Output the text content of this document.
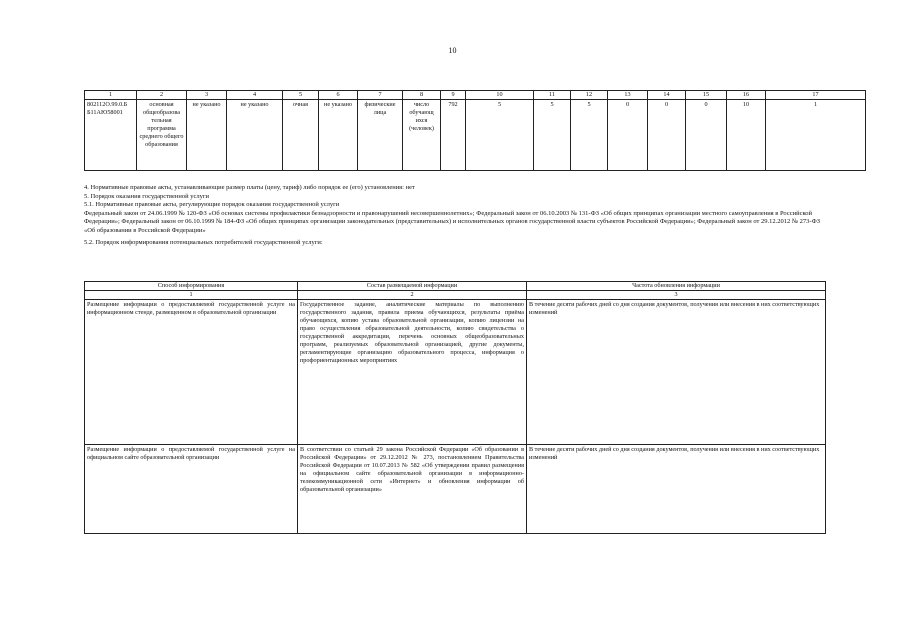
10
1	2	3	4	5	6	7	8	9	10	11	12	13	14	15	16	17
802112О.99.0.Б Б11АЮ58001	основная общеобразова тельная программа среднего общего образования	не указано	не указано	очная	не указано	физические лица	число обучающ ихся (человек)	792	5	5	5	0	0	0	10	1

4. Нормативные правовые акты, устанавливающие размер платы (цену, тариф) либо порядок ее (его) установления: нет

5. Порядок оказания государственной услуги

5.1. Нормативные правовые акты, регулирующие порядок оказания государственной услуги

Федеральный закон от 24.06.1999 № 120-ФЗ «Об основах системы профилактики безнадзорности и правонарушений несовершеннолетних»; Федеральный закон от 06.10.2003 № 131-ФЗ «Об общих принципах организации местного самоуправления в Российской Федерации»; Федеральный закон от 06.10.1999 № 184-ФЗ «Об общих принципах организации законодательных (представительных) и исполнительных органов государственной власти субъектов Российской Федерации»; Федеральный закон от 29.12.2012 № 273-ФЗ «Об образовании в Российской Федерации»

5.2. Порядок информирования потенциальных потребителей государственной услуги:

Способ информирования	Состав размещаемой информации	Частота обновления информации
1	2	3
Размещение информации о предоставляемой государственной услуге на информационном стенде, размещенном в образовательной организации	Государственное задание, аналитические материалы по выполнению государственного задания, правила приема обучающихся, результаты приёма обучающихся, копию устава образовательной организации, копию лицензии на право осуществления образовательной деятельности, копию свидетельства о государственной аккредитации, перечень основных общеобразовательных программ, реализуемых образовательной организацией, другие документы, регламентирующие организацию образовательного процесса, информация о профориентационных мероприятиях	В течение десяти рабочих дней со дня создания документов, получения или внесения в них соответствующих изменений
Размещение информации о предоставляемой государственной услуге на официальном сайте образовательной организации	В соответствии со статьей 29 закона Российской Федерации «Об образовании в Российской Федерации» от 29.12.2012 № 273, постановлением Правительства Российской Федерации от 10.07.2013 № 582 «Об утверждении правил размещения на официальном сайте образовательной организации в информационно-телекоммуникационной сети «Интернет» и обновления информации об образовательной организации»	В течение десяти рабочих дней со дня создания документов, получения или внесения в них соответствующих изменений
